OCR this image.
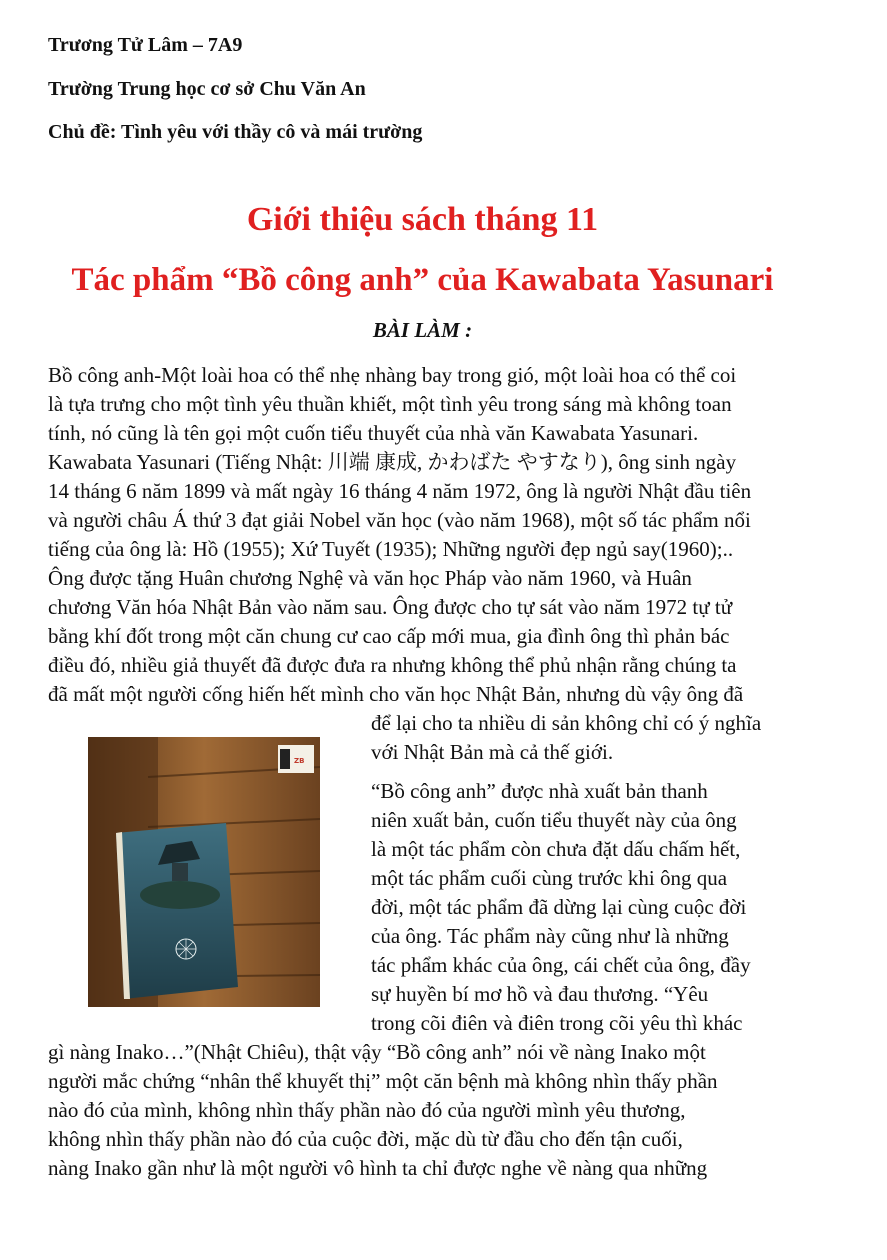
Trương Tử Lâm – 7A9
Trường Trung học cơ sở Chu Văn An
Chủ đề: Tình yêu với thầy cô và mái trường
Giới thiệu sách tháng 11
Tác phẩm “Bồ công anh” của Kawabata Yasunari
BÀI LÀM :

Bồ công anh-Một loài hoa có thể nhẹ nhàng bay trong gió, một loài hoa có thể coi

là tựa trưng cho một tình yêu thuần khiết, một tình yêu trong sáng mà không toan

tính, nó cũng là tên gọi một cuốn tiểu thuyết của nhà văn Kawabata Yasunari.

Kawabata Yasunari (Tiếng Nhật: 川端 康成, かわばた やすなり), ông sinh ngày

14 tháng 6 năm 1899 và mất ngày 16 tháng 4 năm 1972, ông là người Nhật đầu tiên

và người châu Á thứ 3 đạt giải Nobel văn học (vào năm 1968), một số tác phẩm nổi

tiếng của ông là: Hồ (1955); Xứ Tuyết (1935); Những người đẹp ngủ say(1960);..

Ông được tặng Huân chương Nghệ và văn học Pháp vào năm 1960, và Huân

chương Văn hóa Nhật Bản vào năm sau. Ông được cho tự sát vào năm 1972 tự tử

bằng khí đốt trong một căn chung cư cao cấp mới mua, gia đình ông thì phản bác

điều đó, nhiều giả thuyết đã được đưa ra nhưng không thể phủ nhận rằng chúng ta

đã mất một người cống hiến hết mình cho văn học Nhật Bản, nhưng dù vậy ông đã

để lại cho ta nhiều di sản không chỉ có ý nghĩa

với Nhật Bản mà cả thế giới.

“Bồ công anh” được nhà xuất bản thanh

niên xuất bản, cuốn tiểu thuyết này của ông

là một tác phẩm còn chưa đặt dấu chấm hết,

một tác phẩm cuối cùng trước khi ông qua

đời, một tác phẩm đã dừng lại cùng cuộc đời

của ông. Tác phẩm này cũng như là những

tác phẩm khác của ông, cái chết của ông, đầy

sự huyền bí mơ hồ và đau thương. “Yêu

trong cõi điên và điên trong cõi yêu thì khác

gì nàng Inako…”(Nhật Chiêu), thật vậy “Bồ công anh” nói về nàng Inako một

người mắc chứng “nhân thể khuyết thị” một căn bệnh mà không nhìn thấy phần

nào đó của mình, không nhìn thấy phần nào đó của người mình yêu thương,

không nhìn thấy phần nào đó của cuộc đời, mặc dù từ đầu cho đến tận cuối,

nàng Inako gần như là một người vô hình ta chỉ được nghe về nàng qua những

ZB
